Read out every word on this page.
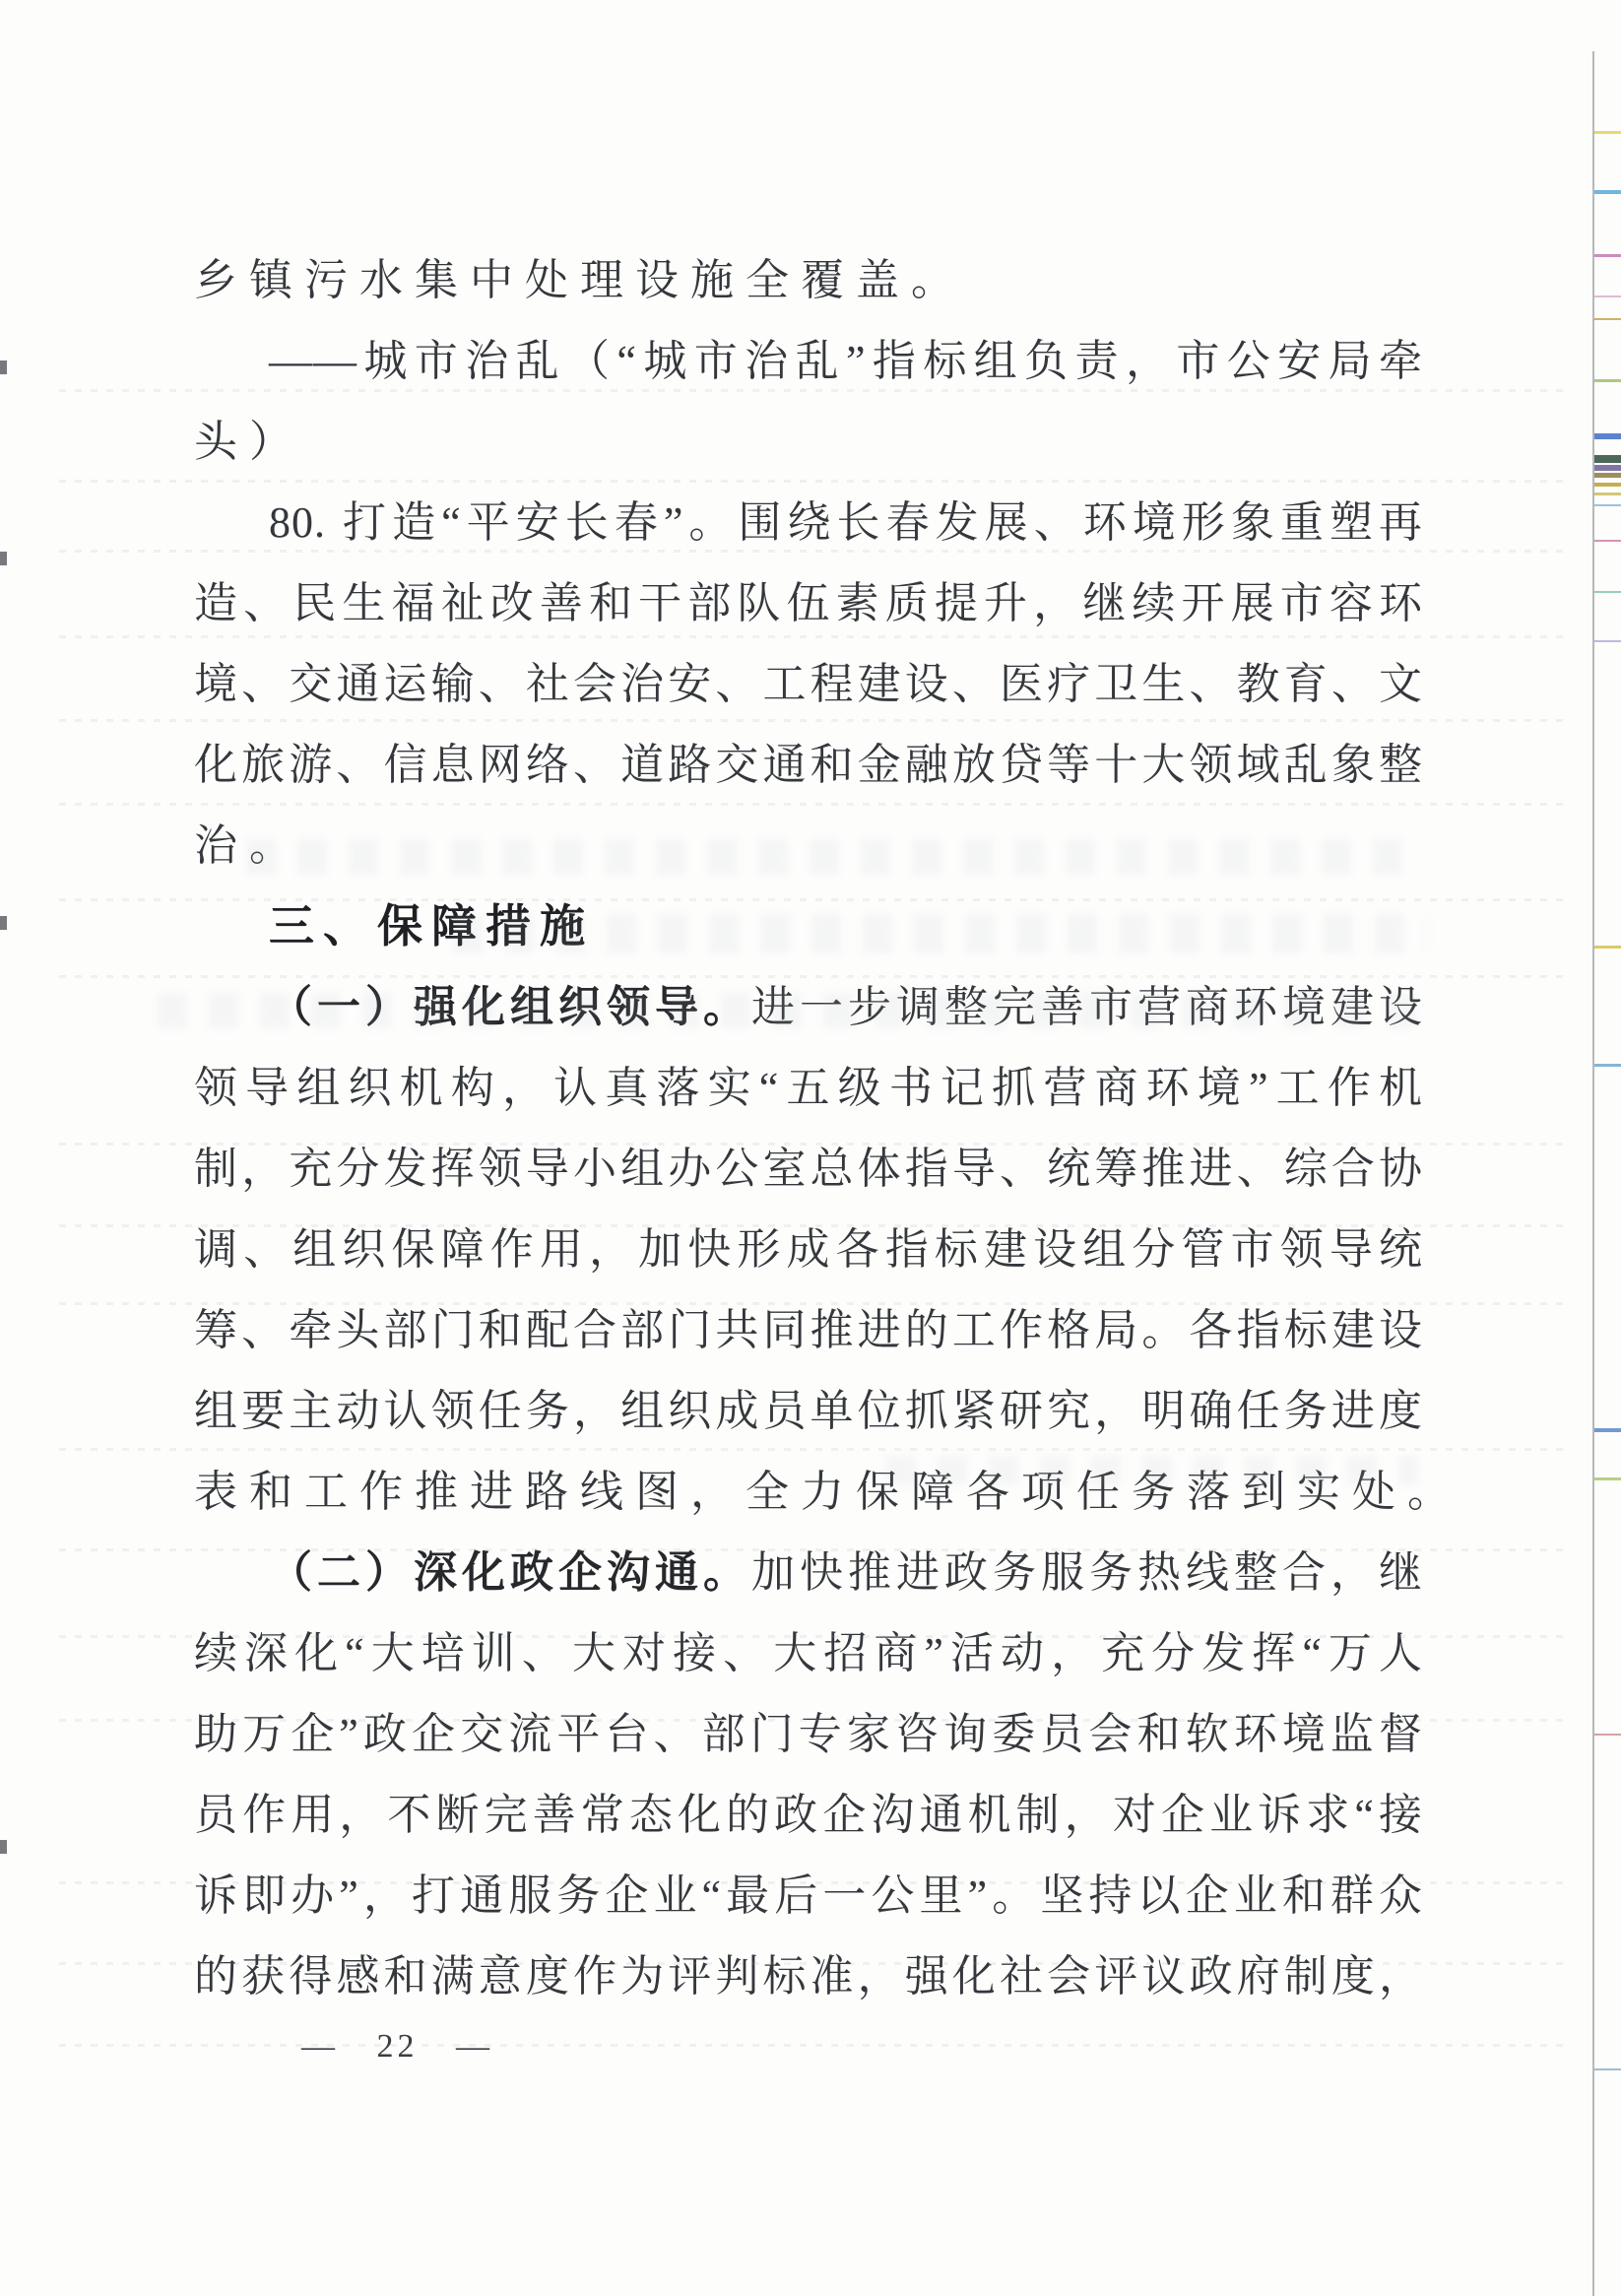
乡镇污水集中处理设施全覆盖。
——城市治乱（“城市治乱”指标组负责，市公安局牵
头）
80. 打造“平安长春”。围绕长春发展、环境形象重塑再
造、民生福祉改善和干部队伍素质提升，继续开展市容环
境、交通运输、社会治安、工程建设、医疗卫生、教育、文
化旅游、信息网络、道路交通和金融放贷等十大领域乱象整
治。
三、保障措施
（一）强化组织领导。进一步调整完善市营商环境建设
领导组织机构，认真落实“五级书记抓营商环境”工作机
制，充分发挥领导小组办公室总体指导、统筹推进、综合协
调、组织保障作用，加快形成各指标建设组分管市领导统
筹、牵头部门和配合部门共同推进的工作格局。各指标建设
组要主动认领任务，组织成员单位抓紧研究，明确任务进度
表和工作推进路线图，全力保障各项任务落到实处。
（二）深化政企沟通。加快推进政务服务热线整合，继
续深化“大培训、大对接、大招商”活动，充分发挥“万人
助万企”政企交流平台、部门专家咨询委员会和软环境监督
员作用，不断完善常态化的政企沟通机制，对企业诉求“接
诉即办”，打通服务企业“最后一公里”。坚持以企业和群众
的获得感和满意度作为评判标准，强化社会评议政府制度，
— 22 —
